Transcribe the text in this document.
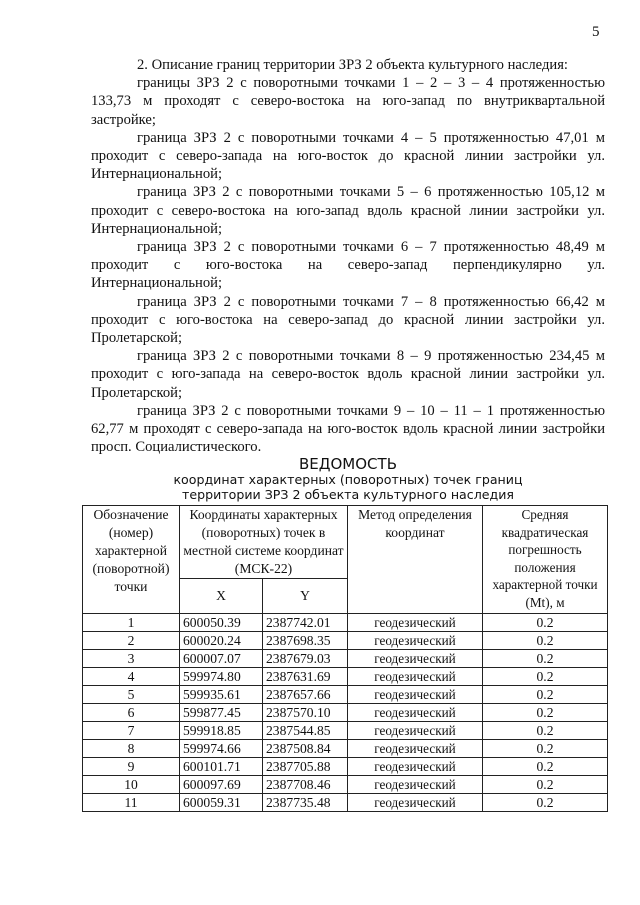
5

2. Описание границ территории ЗРЗ 2 объекта культурного наследия:

границы ЗРЗ 2 с поворотными точками 1 – 2 – 3 – 4 протяженностью 133,73 м проходят с северо-востока на юго-запад по внутриквартальной застройке;

граница ЗРЗ 2 с поворотными точками 4 – 5 протяженностью 47,01 м проходит с северо-запада на юго-восток до красной линии застройки ул. Интернациональной;

граница ЗРЗ 2 с поворотными точками 5 – 6 протяженностью 105,12 м проходит с северо-востока на юго-запад вдоль красной линии застройки ул. Интернациональной;

граница ЗРЗ 2 с поворотными точками 6 – 7 протяженностью 48,49 м проходит с юго-востока на северо-запад перпендикулярно ул. Интернациональной;

граница ЗРЗ 2 с поворотными точками 7 – 8 протяженностью 66,42 м проходит с юго-востока на северо-запад до красной линии застройки ул. Пролетарской;

граница ЗРЗ 2 с поворотными точками 8 – 9 протяженностью 234,45 м проходит с юго-запада на северо-восток вдоль красной линии застройки ул. Пролетарской;

граница ЗРЗ 2 с поворотными точками 9 – 10 – 11 – 1 протяженностью 62,77 м проходят с северо-запада на юго-восток вдоль красной линии застройки просп. Социалистического.

ВЕДОМОСТЬ
координат характерных (поворотных) точек границ
территории ЗРЗ 2 объекта культурного наследия
Обозначение (номер) характерной (поворотной) точки	Координаты характерных (поворотных) точек в местной системе координат (МСК-22)		Метод определения координат	Средняя квадратическая погрешность положения характерной точки (Mt), м
	X	Y		
1	600050.39	2387742.01	геодезический	0.2
2	600020.24	2387698.35	геодезический	0.2
3	600007.07	2387679.03	геодезический	0.2
4	599974.80	2387631.69	геодезический	0.2
5	599935.61	2387657.66	геодезический	0.2
6	599877.45	2387570.10	геодезический	0.2
7	599918.85	2387544.85	геодезический	0.2
8	599974.66	2387508.84	геодезический	0.2
9	600101.71	2387705.88	геодезический	0.2
10	600097.69	2387708.46	геодезический	0.2
11	600059.31	2387735.48	геодезический	0.2
